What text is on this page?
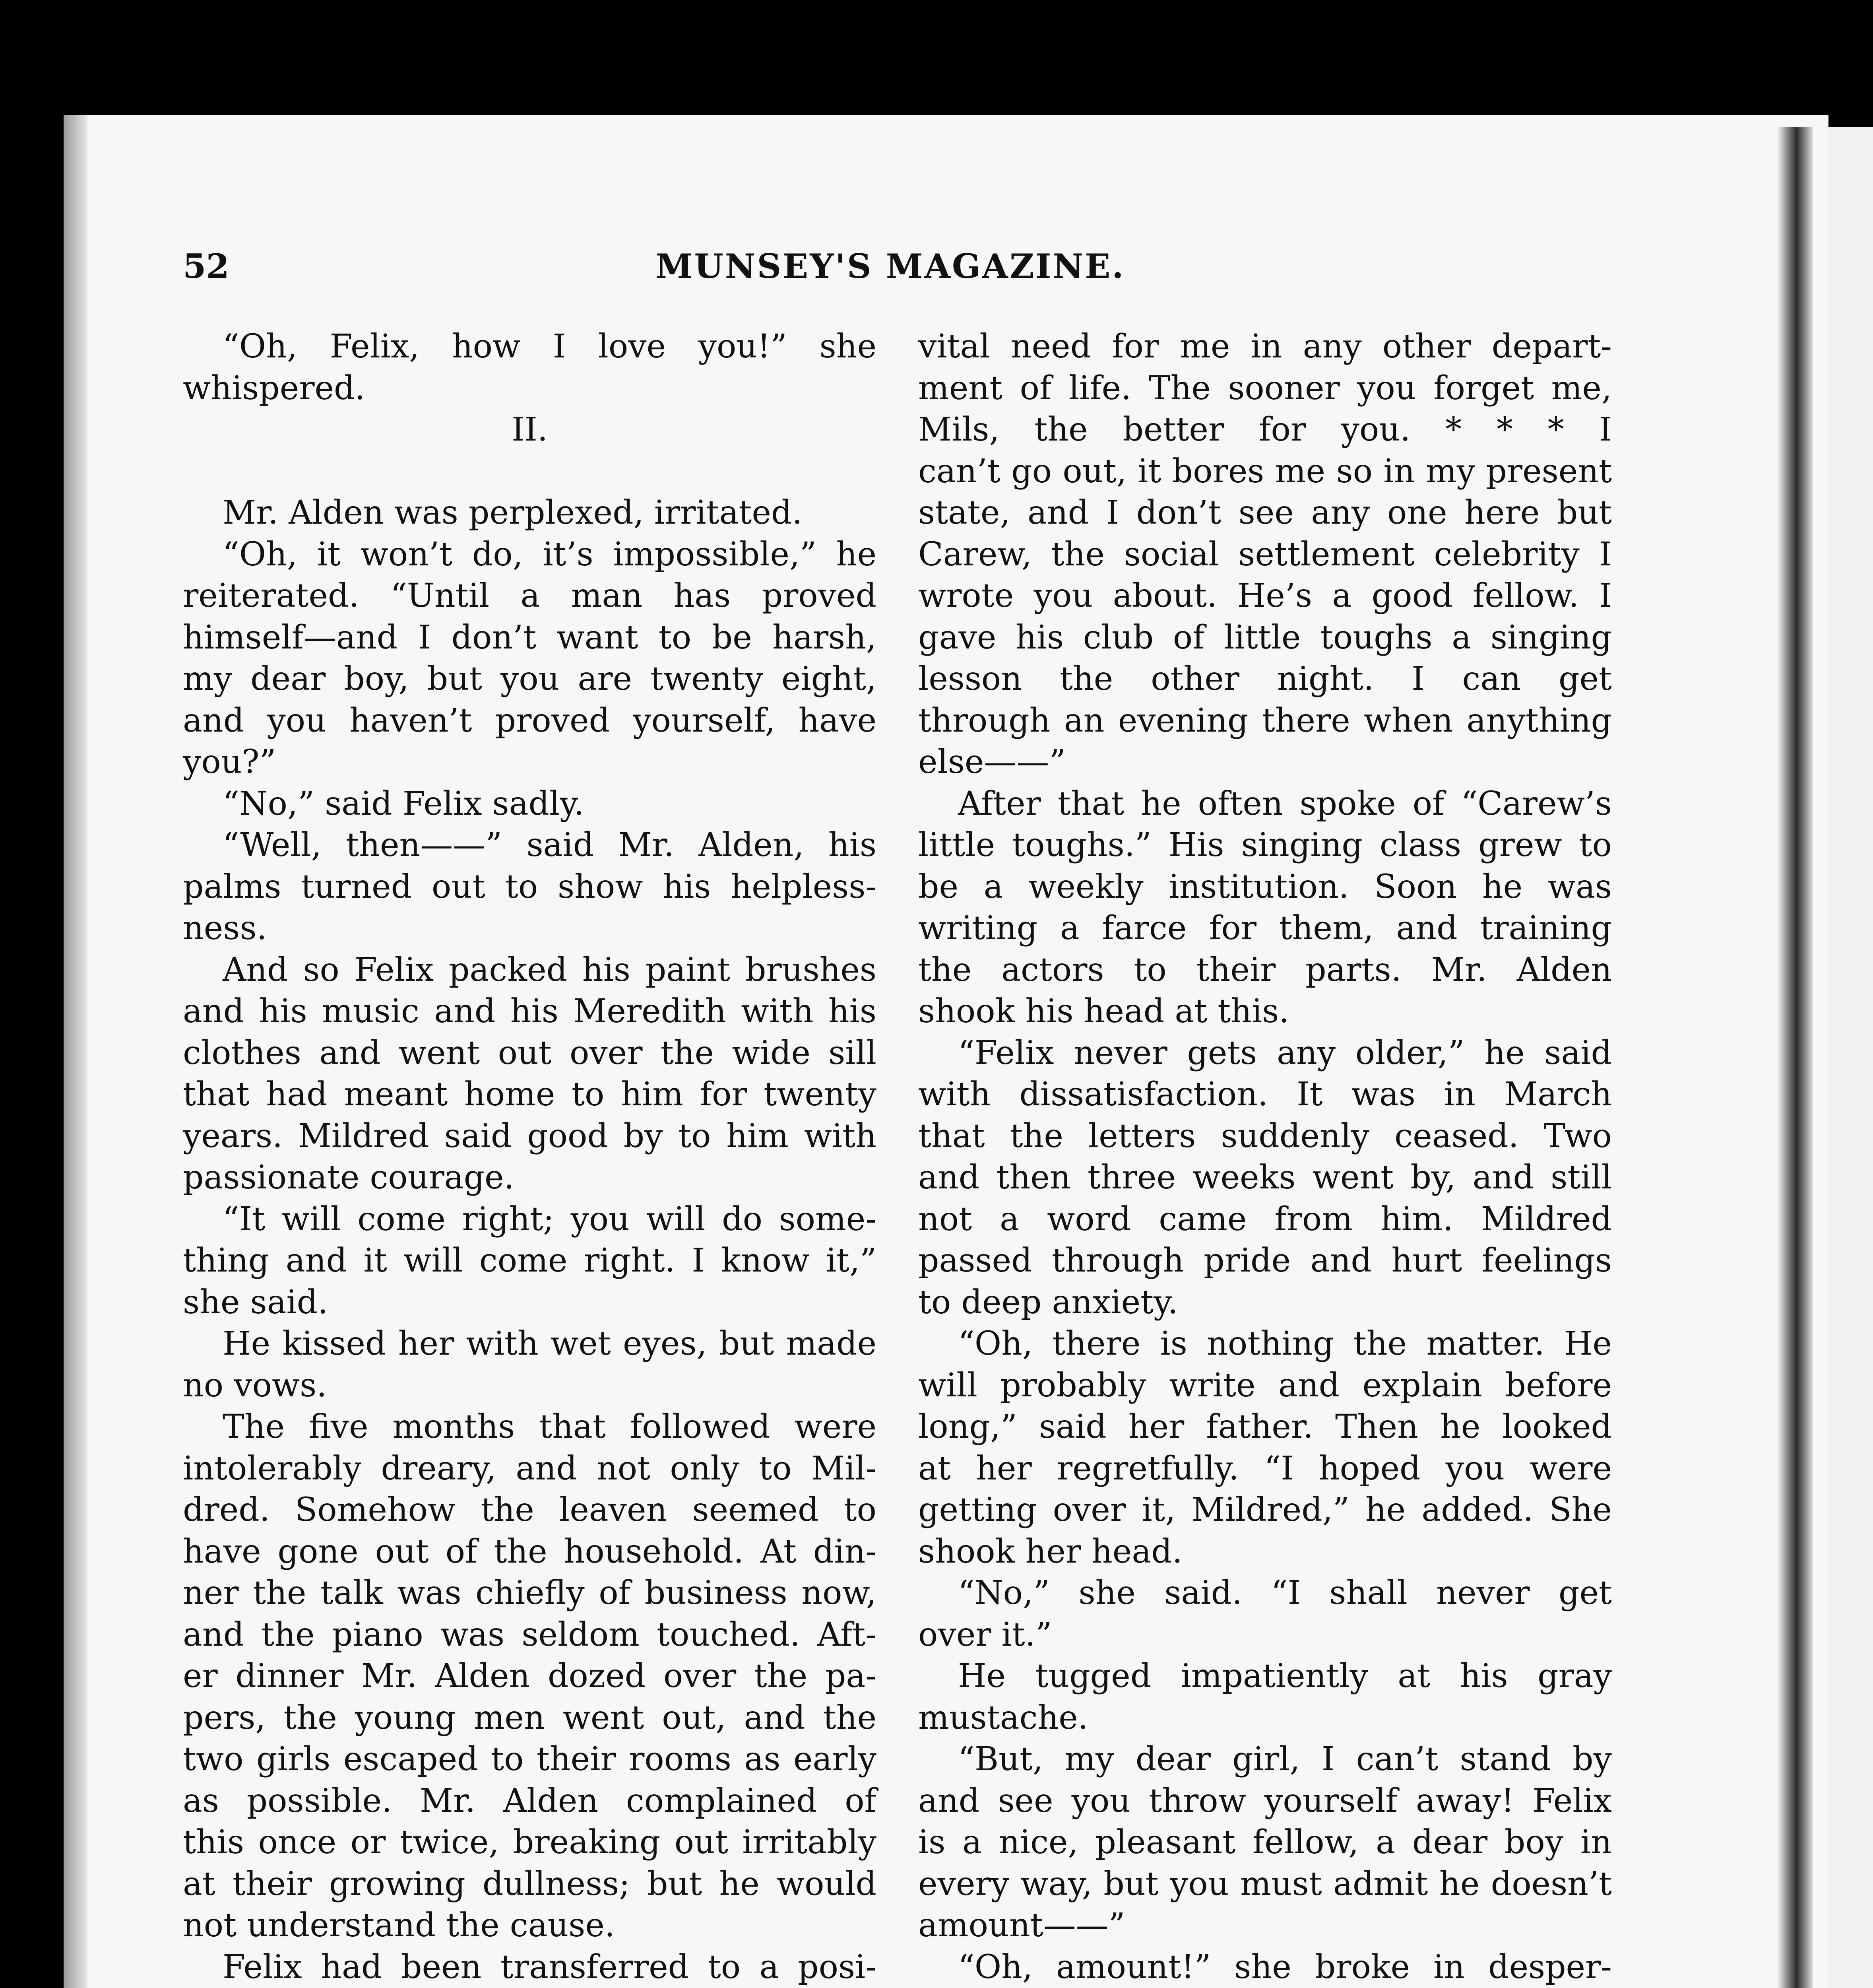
52	MUNSEY'S MAGAZINE.
“Oh, Felix, how I love you!” she
whispered.
II.
Mr. Alden was perplexed, irritated.
“Oh, it won’t do, it’s impossible,” he
reiterated. “Until a man has proved
himself—and I don’t want to be harsh,
my dear boy, but you are twenty eight,
and you haven’t proved yourself, have
you?”
“No,” said Felix sadly.
“Well, then——” said Mr. Alden, his
palms turned out to show his helpless-
ness.
And so Felix packed his paint brushes
and his music and his Meredith with his
clothes and went out over the wide sill
that had meant home to him for twenty
years. Mildred said good by to him with
passionate courage.
“It will come right; you will do some-
thing and it will come right. I know it,”
she said.
He kissed her with wet eyes, but made
no vows.
The five months that followed were
intolerably dreary, and not only to Mil-
dred. Somehow the leaven seemed to
have gone out of the household. At din-
ner the talk was chiefly of business now,
and the piano was seldom touched. Aft-
er dinner Mr. Alden dozed over the pa-
pers, the young men went out, and the
two girls escaped to their rooms as early
as possible. Mr. Alden complained of
this once or twice, breaking out irritably
at their growing dullness; but he would
not understand the cause.
Felix had been transferred to a posi-
vital need for me in any other depart-
ment of life. The sooner you forget me,
Mils, the better for you. * * * I
can’t go out, it bores me so in my present
state, and I don’t see any one here but
Carew, the social settlement celebrity I
wrote you about. He’s a good fellow. I
gave his club of little toughs a singing
lesson the other night. I can get
through an evening there when anything
else——”
After that he often spoke of “Carew’s
little toughs.” His singing class grew to
be a weekly institution. Soon he was
writing a farce for them, and training
the actors to their parts. Mr. Alden
shook his head at this.
“Felix never gets any older,” he said
with dissatisfaction. It was in March
that the letters suddenly ceased. Two
and then three weeks went by, and still
not a word came from him. Mildred
passed through pride and hurt feelings
to deep anxiety.
“Oh, there is nothing the matter. He
will probably write and explain before
long,” said her father. Then he looked
at her regretfully. “I hoped you were
getting over it, Mildred,” he added. She
shook her head.
“No,” she said. “I shall never get
over it.”
He tugged impatiently at his gray
mustache.
“But, my dear girl, I can’t stand by
and see you throw yourself away! Felix
is a nice, pleasant fellow, a dear boy in
every way, but you must admit he doesn’t
amount——”
“Oh, amount!” she broke in desper-
